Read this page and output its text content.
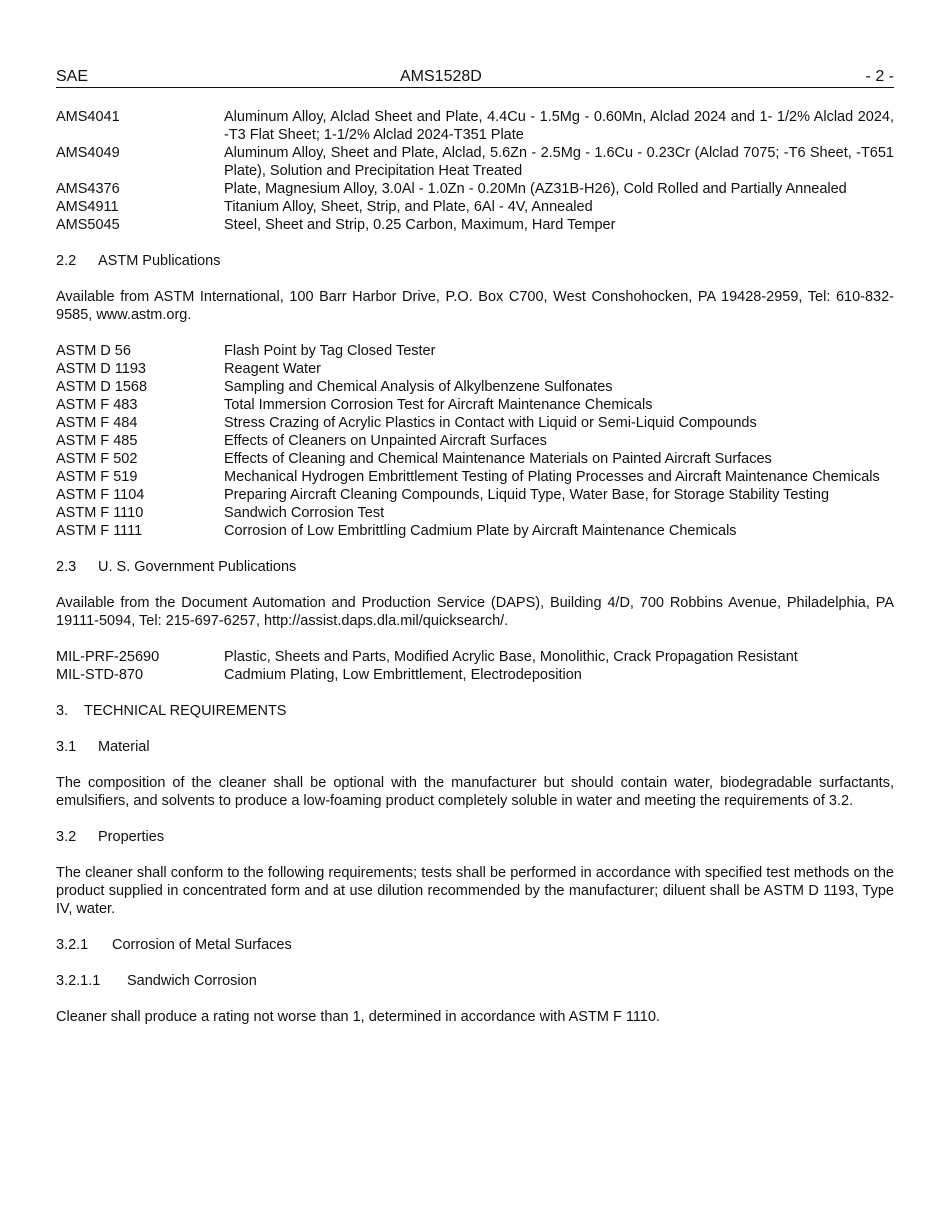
SAE	AMS1528D	- 2 -
AMS4041	Aluminum Alloy, Alclad Sheet and Plate, 4.4Cu - 1.5Mg - 0.60Mn, Alclad 2024 and 1- 1/2% Alclad 2024, -T3 Flat Sheet; 1-1/2% Alclad 2024-T351 Plate
AMS4049	Aluminum Alloy, Sheet and Plate, Alclad, 5.6Zn - 2.5Mg - 1.6Cu - 0.23Cr (Alclad 7075; -T6 Sheet, -T651 Plate), Solution and Precipitation Heat Treated
AMS4376	Plate, Magnesium Alloy, 3.0Al - 1.0Zn - 0.20Mn (AZ31B-H26), Cold Rolled and Partially Annealed
AMS4911	Titanium Alloy, Sheet, Strip, and Plate, 6Al - 4V, Annealed
AMS5045	Steel, Sheet and Strip, 0.25 Carbon, Maximum, Hard Temper
2.2 ASTM Publications
Available from ASTM International, 100 Barr Harbor Drive, P.O. Box C700, West Conshohocken, PA 19428-2959, Tel: 610-832-9585, www.astm.org.
ASTM D 56	Flash Point by Tag Closed Tester
ASTM D 1193	Reagent Water
ASTM D 1568	Sampling and Chemical Analysis of Alkylbenzene Sulfonates
ASTM F 483	Total Immersion Corrosion Test for Aircraft Maintenance Chemicals
ASTM F 484	Stress Crazing of Acrylic Plastics in Contact with Liquid or Semi-Liquid Compounds
ASTM F 485	Effects of Cleaners on Unpainted Aircraft Surfaces
ASTM F 502	Effects of Cleaning and Chemical Maintenance Materials on Painted Aircraft Surfaces
ASTM F 519	Mechanical Hydrogen Embrittlement Testing of Plating Processes and Aircraft Maintenance Chemicals
ASTM F 1104	Preparing Aircraft Cleaning Compounds, Liquid Type, Water Base, for Storage Stability Testing
ASTM F 1110	Sandwich Corrosion Test
ASTM F 1111	Corrosion of Low Embrittling Cadmium Plate by Aircraft Maintenance Chemicals
2.3 U. S. Government Publications
Available from the Document Automation and Production Service (DAPS), Building 4/D, 700 Robbins Avenue, Philadelphia, PA 19111-5094, Tel: 215-697-6257, http://assist.daps.dla.mil/quicksearch/.
MIL-PRF-25690	Plastic, Sheets and Parts, Modified Acrylic Base, Monolithic, Crack Propagation Resistant
MIL-STD-870	Cadmium Plating, Low Embrittlement, Electrodeposition
3. TECHNICAL REQUIREMENTS
3.1 Material
The composition of the cleaner shall be optional with the manufacturer but should contain water, biodegradable surfactants, emulsifiers, and solvents to produce a low-foaming product completely soluble in water and meeting the requirements of 3.2.
3.2 Properties
The cleaner shall conform to the following requirements; tests shall be performed in accordance with specified test methods on the product supplied in concentrated form and at use dilution recommended by the manufacturer; diluent shall be ASTM D 1193, Type IV, water.
3.2.1 Corrosion of Metal Surfaces
3.2.1.1 Sandwich Corrosion
Cleaner shall produce a rating not worse than 1, determined in accordance with ASTM F 1110.
